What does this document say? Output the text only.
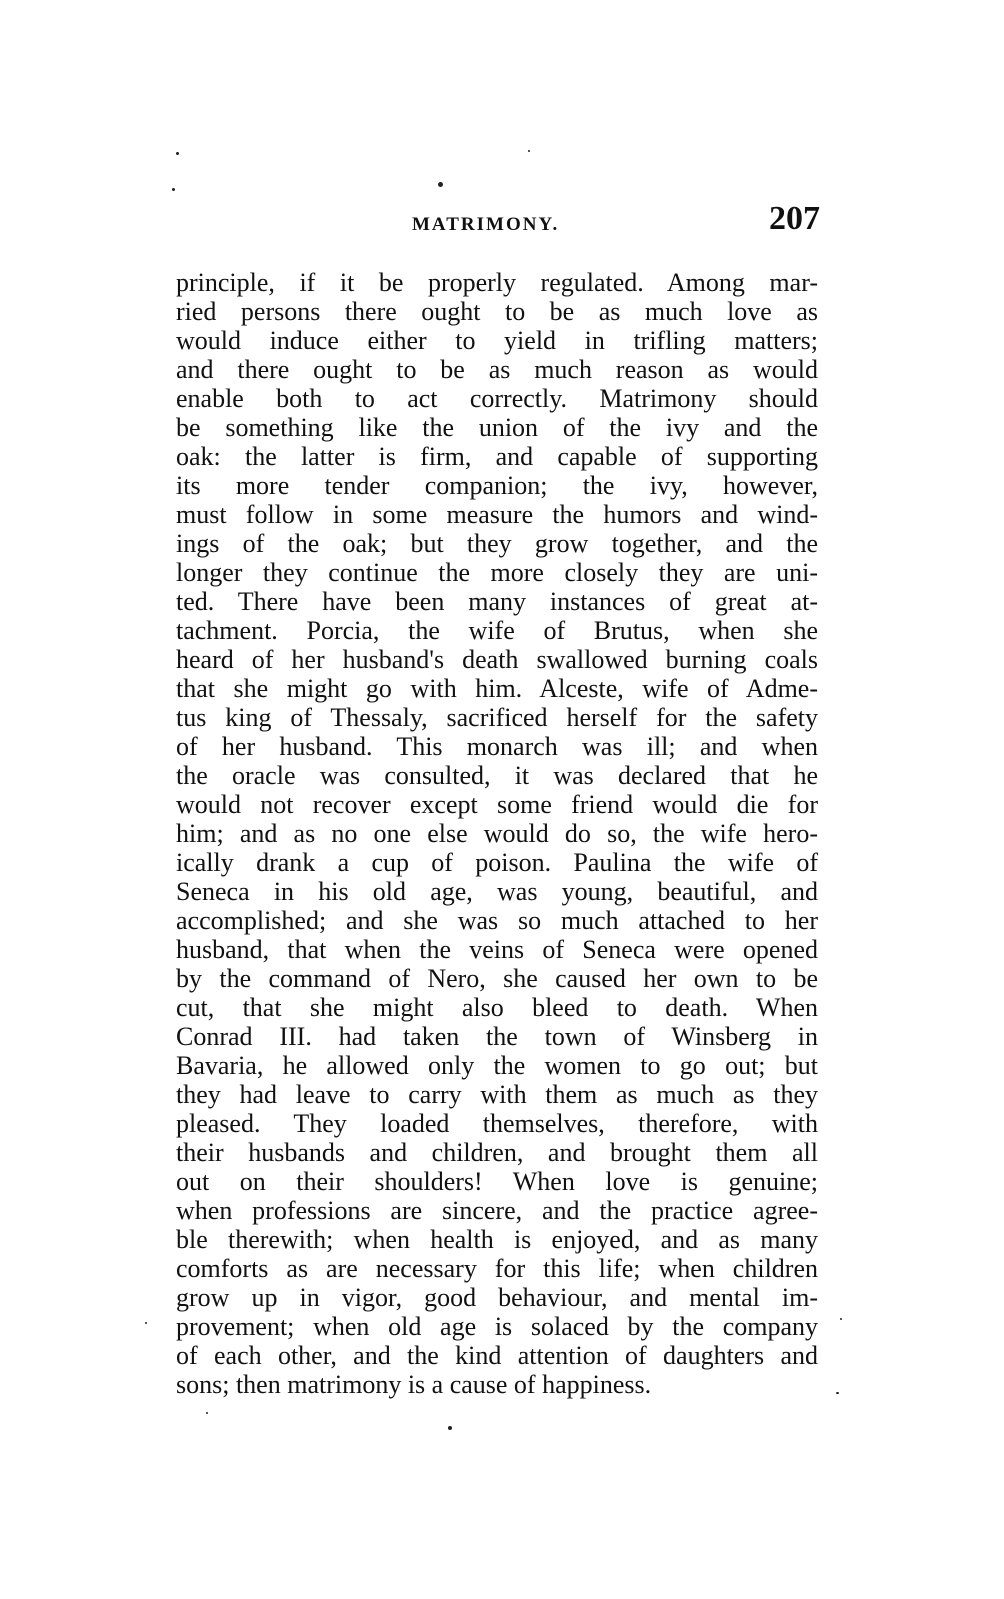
MATRIMONY.	207
principle, if it be properly regulated. Among mar-
ried persons there ought to be as much love as
would induce either to yield in trifling matters;
and there ought to be as much reason as would
enable both to act correctly. Matrimony should
be something like the union of the ivy and the
oak: the latter is firm, and capable of supporting
its more tender companion; the ivy, however,
must follow in some measure the humors and wind-
ings of the oak; but they grow together, and the
longer they continue the more closely they are uni-
ted. There have been many instances of great at-
tachment. Porcia, the wife of Brutus, when she
heard of her husband's death swallowed burning coals
that she might go with him. Alceste, wife of Adme-
tus king of Thessaly, sacrificed herself for the safety
of her husband. This monarch was ill; and when
the oracle was consulted, it was declared that he
would not recover except some friend would die for
him; and as no one else would do so, the wife hero-
ically drank a cup of poison. Paulina the wife of
Seneca in his old age, was young, beautiful, and
accomplished; and she was so much attached to her
husband, that when the veins of Seneca were opened
by the command of Nero, she caused her own to be
cut, that she might also bleed to death. When
Conrad III. had taken the town of Winsberg in
Bavaria, he allowed only the women to go out; but
they had leave to carry with them as much as they
pleased. They loaded themselves, therefore, with
their husbands and children, and brought them all
out on their shoulders! When love is genuine;
when professions are sincere, and the practice agree-
ble therewith; when health is enjoyed, and as many
comforts as are necessary for this life; when children
grow up in vigor, good behaviour, and mental im-
provement; when old age is solaced by the company
of each other, and the kind attention of daughters and
sons; then matrimony is a cause of happiness.
